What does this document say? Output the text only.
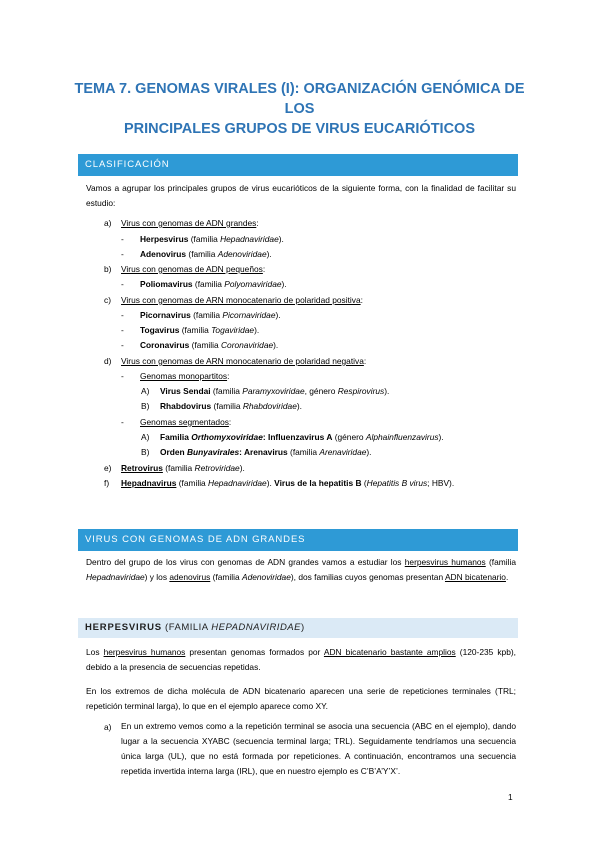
TEMA 7. GENOMAS VIRALES (I): ORGANIZACIÓN GENÓMICA DE LOS
PRINCIPALES GRUPOS DE VIRUS EUCARIÓTICOS
CLASIFICACIÓN
Vamos a agrupar los principales grupos de virus eucarióticos de la siguiente forma, con la finalidad de facilitar su estudio:
a) Virus con genomas de ADN grandes:
- Herpesvirus (familia Hepadnaviridae).
- Adenovirus (familia Adenoviridae).
b) Virus con genomas de ADN pequeños:
- Poliomavirus (familia Polyomaviridae).
c) Virus con genomas de ARN monocatenario de polaridad positiva:
- Picornavirus (familia Picornaviridae).
- Togavirus (familia Togaviridae).
- Coronavirus (familia Coronaviridae).
d) Virus con genomas de ARN monocatenario de polaridad negativa:
- Genomas monopartitos:
A) Virus Sendai (familia Paramyxoviridae, género Respirovirus).
B) Rhabdovirus (familia Rhabdoviridae).
- Genomas segmentados:
A) Familia Orthomyxoviridae: Influenzavirus A (género Alphainfluenzavirus).
B) Orden Bunyavirales: Arenavirus (familia Arenaviridae).
e) Retrovirus (familia Retroviridae).
f) Hepadnavirus (familia Hepadnaviridae). Virus de la hepatitis B (Hepatitis B virus; HBV).
VIRUS CON GENOMAS DE ADN GRANDES
Dentro del grupo de los virus con genomas de ADN grandes vamos a estudiar los herpesvirus humanos (familia Hepadnaviridae) y los adenovirus (familia Adenoviridae), dos familias cuyos genomas presentan ADN bicatenario.
HERPESVIRUS (FAMILIA HEPADNAVIRIDAE)
Los herpesvirus humanos presentan genomas formados por ADN bicatenario bastante amplios (120-235 kpb), debido a la presencia de secuencias repetidas.
En los extremos de dicha molécula de ADN bicatenario aparecen una serie de repeticiones terminales (TRL; repetición terminal larga), lo que en el ejemplo aparece como XY.
a) En un extremo vemos como a la repetición terminal se asocia una secuencia (ABC en el ejemplo), dando lugar a la secuencia XYABC (secuencia terminal larga; TRL). Seguidamente tendríamos una secuencia única larga (UL), que no está formada por repeticiones. A continuación, encontramos una secuencia repetida invertida interna larga (IRL), que en nuestro ejemplo es C’B’A’Y’X’.
1
